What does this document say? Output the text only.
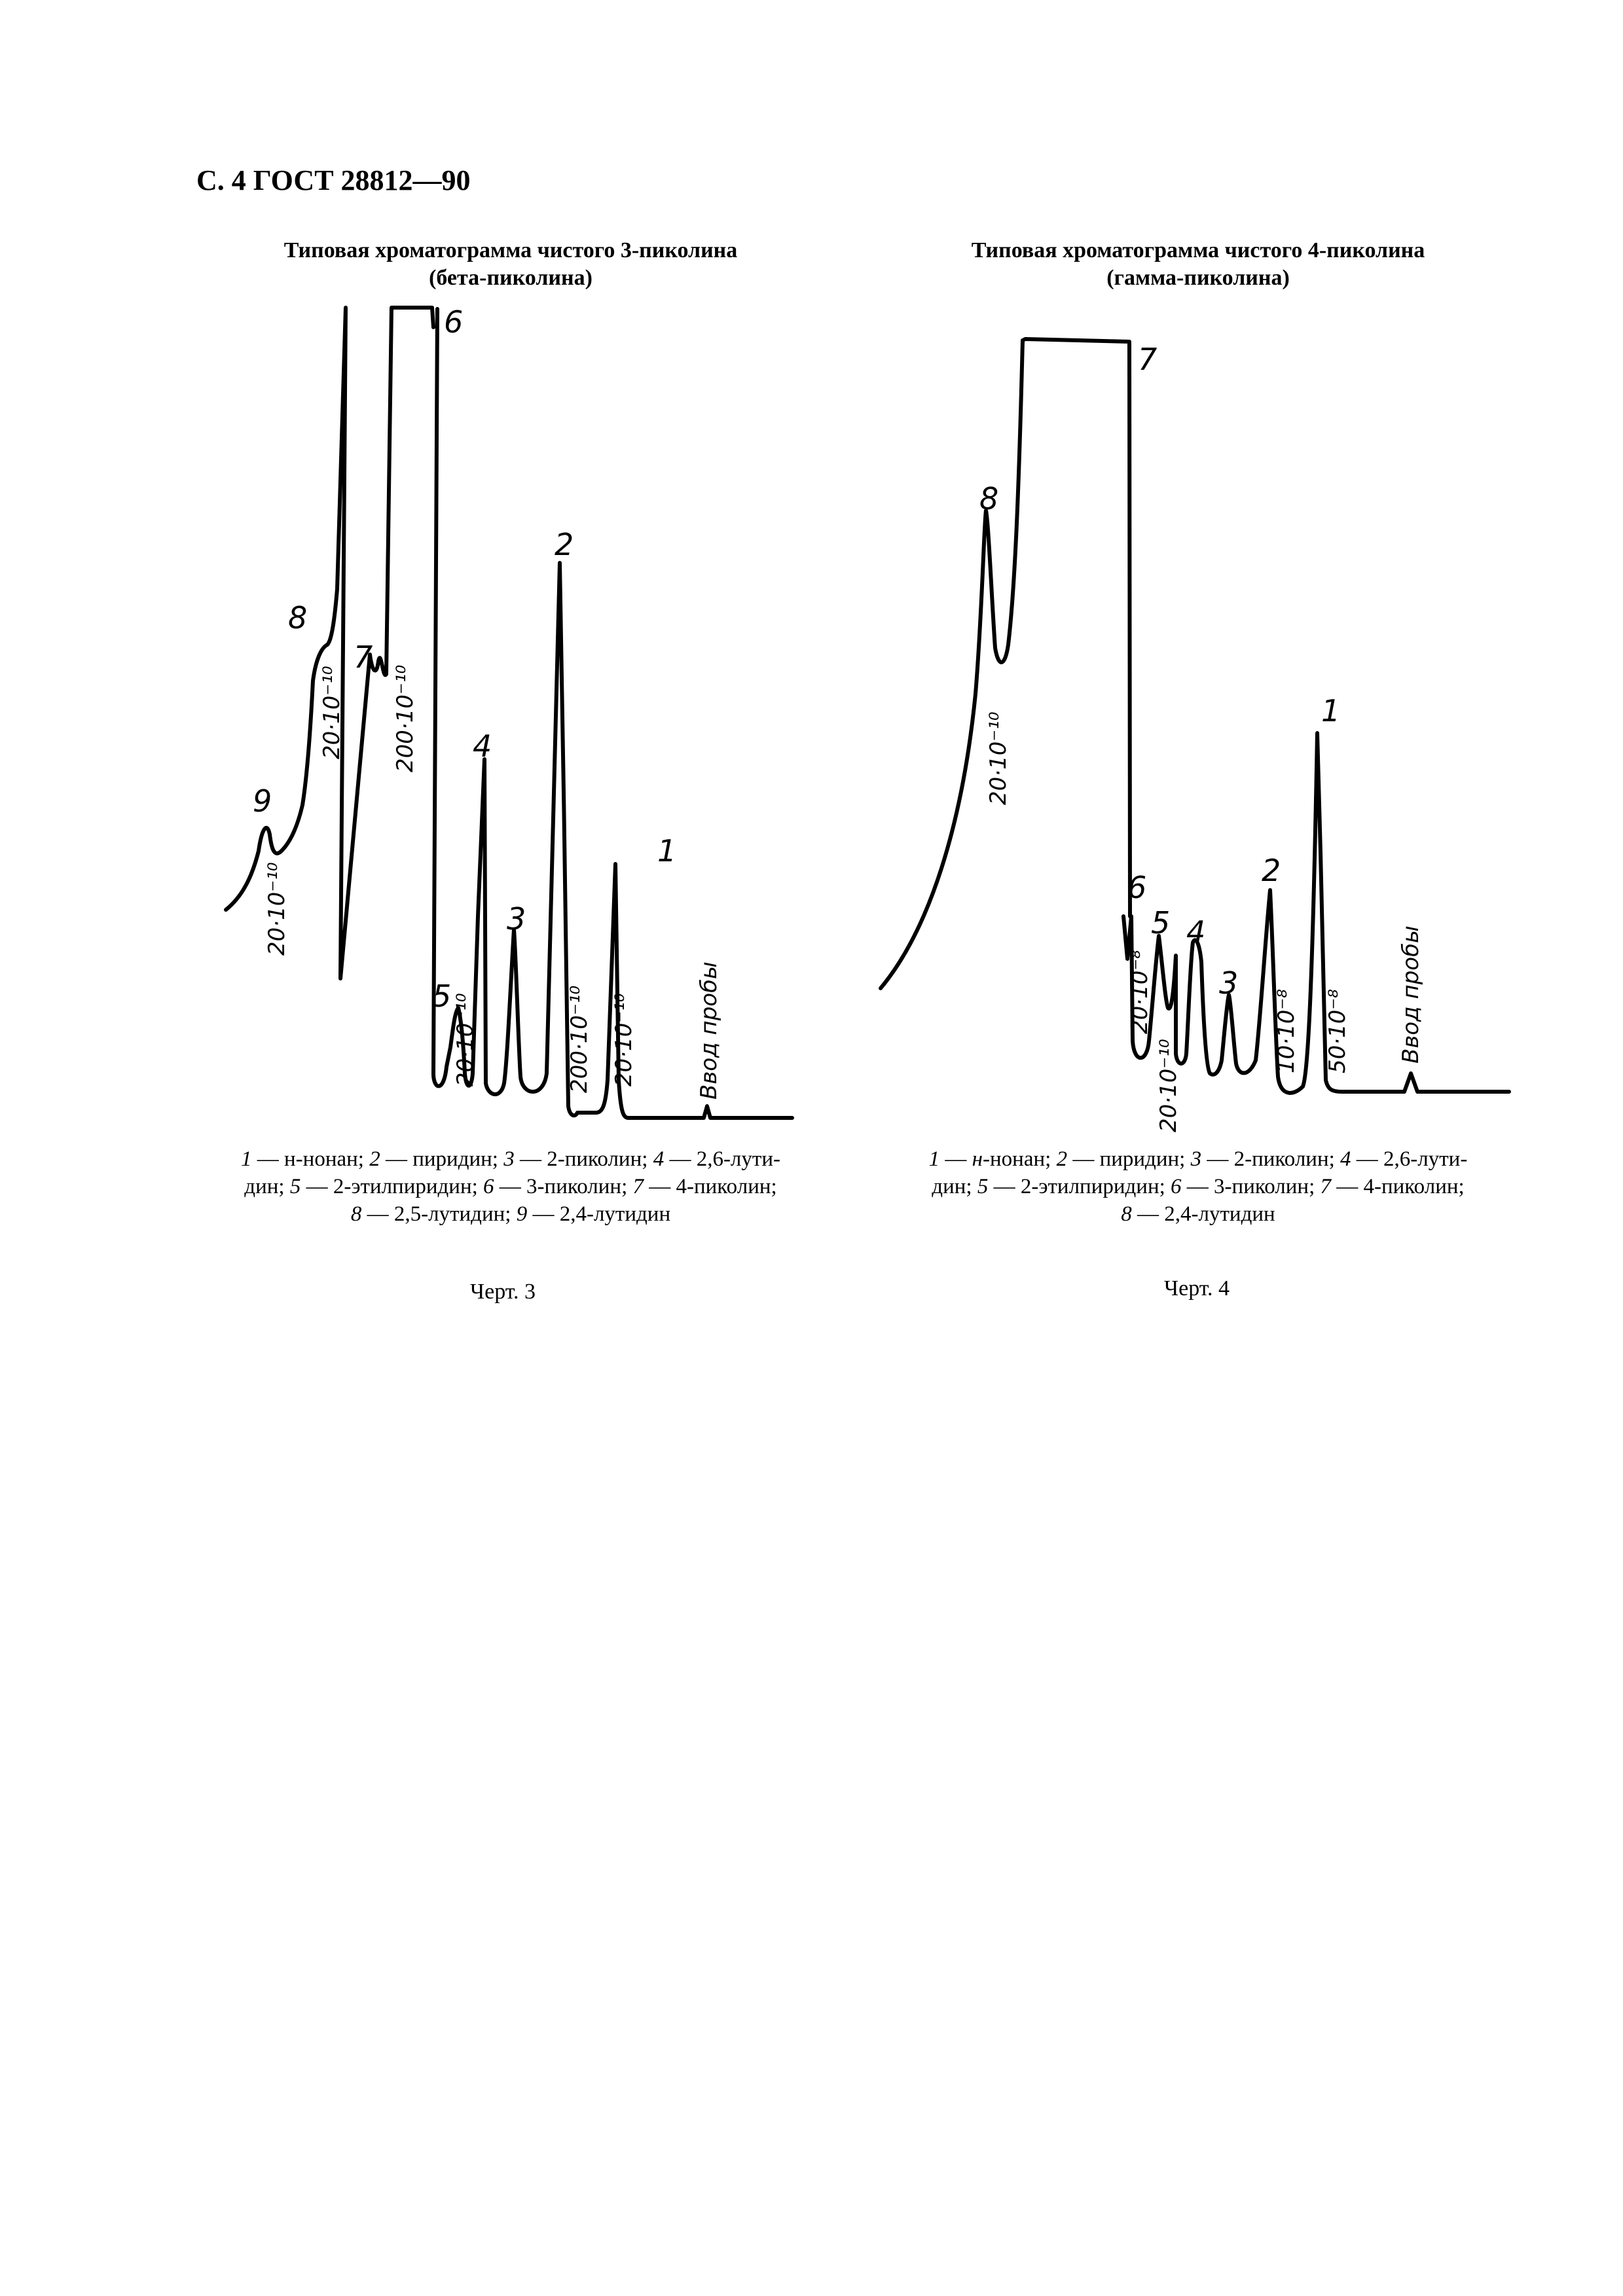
С. 4 ГОСТ 28812—90
Типовая хроматограмма чистого 3-пиколина
(бета-пиколина)
Типовая хроматограмма чистого 4-пиколина
(гамма-пиколина)
1
2
3
4
5
6
7
8
9
20·10⁻¹⁰
20·10⁻¹⁰ 200·10⁻¹⁰
20·10⁻¹⁰	200·10⁻¹⁰ 20·10⁻¹⁰	Ввод пробы
1
2
3
4
5
6
7
8
20·10⁻¹⁰
20·10⁻⁸
20·10⁻¹⁰
10·10⁻⁸ 50·10⁻⁸ Ввод пробы
1 — н-нонан; 2 — пиридин; 3 — 2-пиколин; 4 — 2,6-лути-
дин; 5 — 2-этилпиридин; 6 — 3-пиколин; 7 — 4-пиколин;
8 — 2,5-лутидин; 9 — 2,4-лутидин
1 — н-нонан; 2 — пиридин; 3 — 2-пиколин; 4 — 2,6-лути-
дин; 5 — 2-этилпиридин; 6 — 3-пиколин; 7 — 4-пиколин;
8 — 2,4-лутидин
Черт. 3	Черт. 4
